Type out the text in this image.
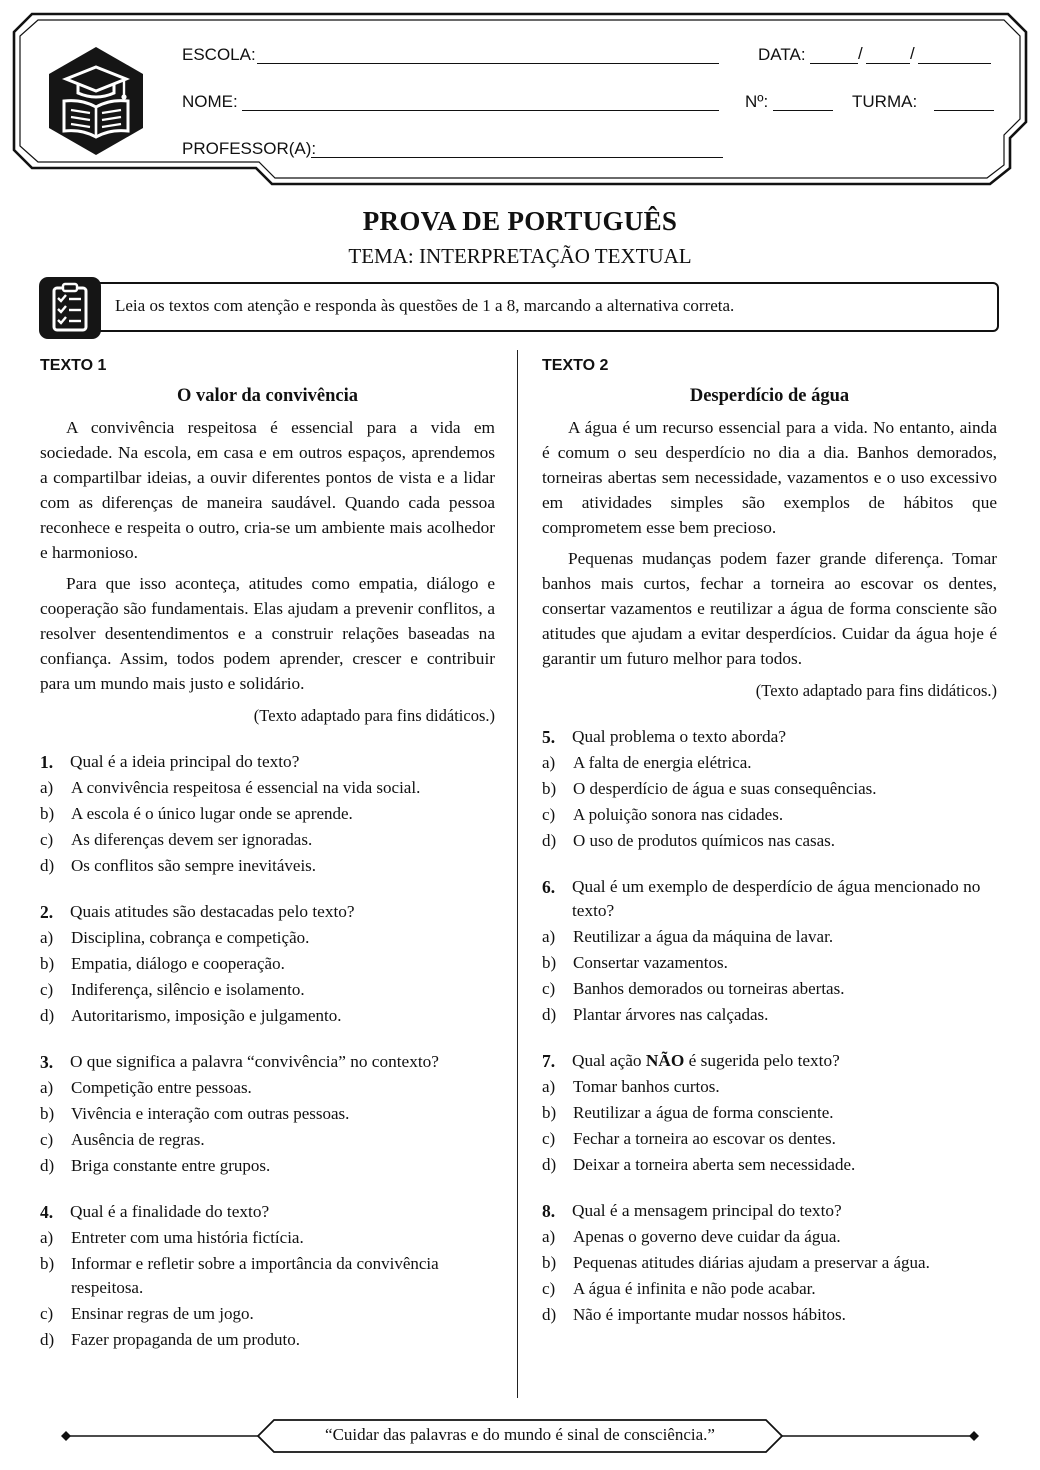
ESCOLA:	DATA:	/	/
NOME:	Nº:	TURMA:
PROFESSOR(A):
PROVA DE PORTUGUÊS
TEMA: INTERPRETAÇÃO TEXTUAL
Leia os textos com atenção e responda às questões de 1 a 8, marcando a alternativa correta.
TEXTO 1
O valor da convivência

A convivência respeitosa é essencial para a vida em sociedade. Na escola, em casa e em outros espaços, aprendemos a compartilbar ideias, a ouvir diferentes pontos de vista e a lidar com as diferenças de maneira saudável. Quando cada pessoa reconhece e respeita o outro, cria-se um ambiente mais acolhedor e harmonioso.

Para que isso aconteça, atitudes como empatia, diálogo e cooperação são fundamentais. Elas ajudam a prevenir conflitos, a resolver desentendimentos e a construir relações baseadas na confiança. Assim, todos podem aprender, crescer e contribuir para um mundo mais justo e solidário.

(Texto adaptado para fins didáticos.)
1. Qual é a ideia principal do texto?
a) A convivência respeitosa é essencial na vida social.
b) A escola é o único lugar onde se aprende.
c) As diferenças devem ser ignoradas.
d) Os conflitos são sempre inevitáveis.
2. Quais atitudes são destacadas pelo texto?
a) Disciplina, cobrança e competição.
b) Empatia, diálogo e cooperação.
c) Indiferença, silêncio e isolamento.
d) Autoritarismo, imposição e julgamento.
3. O que significa a palavra “convivência” no contexto?
a) Competição entre pessoas.
b) Vivência e interação com outras pessoas.
c) Ausência de regras.
d) Briga constante entre grupos.
4. Qual é a finalidade do texto?
a) Entreter com uma história fictícia.
b) Informar e refletir sobre a importância da convivência respeitosa.
c) Ensinar regras de um jogo.
d) Fazer propaganda de um produto.
TEXTO 2
Desperdício de água

A água é um recurso essencial para a vida. No entanto, ainda é comum o seu desperdício no dia a dia. Banhos demorados, torneiras abertas sem necessidade, vazamentos e o uso excessivo em atividades simples são exemplos de hábitos que comprometem esse bem precioso.

Pequenas mudanças podem fazer grande diferença. Tomar banhos mais curtos, fechar a torneira ao escovar os dentes, consertar vazamentos e reutilizar a água de forma consciente são atitudes que ajudam a evitar desperdícios. Cuidar da água hoje é garantir um futuro melhor para todos.

(Texto adaptado para fins didáticos.)
5. Qual problema o texto aborda?
a) A falta de energia elétrica.
b) O desperdício de água e suas consequências.
c) A poluição sonora nas cidades.
d) O uso de produtos químicos nas casas.
6. Qual é um exemplo de desperdício de água mencionado no texto?
a) Reutilizar a água da máquina de lavar.
b) Consertar vazamentos.
c) Banhos demorados ou torneiras abertas.
d) Plantar árvores nas calçadas.
7. Qual ação NÃO é sugerida pelo texto?
a) Tomar banhos curtos.
b) Reutilizar a água de forma consciente.
c) Fechar a torneira ao escovar os dentes.
d) Deixar a torneira aberta sem necessidade.
8. Qual é a mensagem principal do texto?
a) Apenas o governo deve cuidar da água.
b) Pequenas atitudes diárias ajudam a preservar a água.
c) A água é infinita e não pode acabar.
d) Não é importante mudar nossos hábitos.
“Cuidar das palavras e do mundo é sinal de consciência.”
